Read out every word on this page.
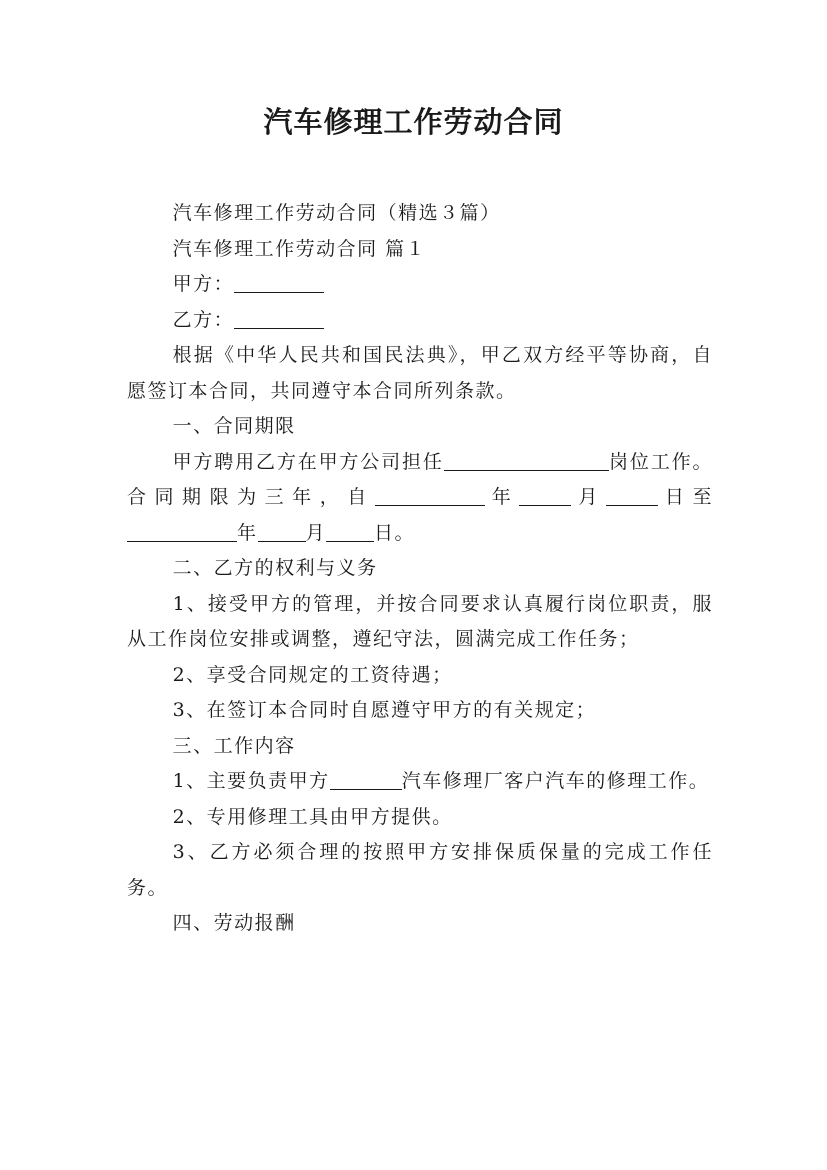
汽车修理工作劳动合同

汽车修理工作劳动合同（精选３篇）

汽车修理工作劳动合同 篇１

甲方：

乙方：

根据《中华人民共和国民法典》，甲乙双方经平等协商，自愿签订本合同，共同遵守本合同所列条款。

一、合同期限

甲方聘用乙方在甲方公司担任	岗位工作。合同期限为三年，自	年	月	日至年	月	日。

二、乙方的权利与义务

1、接受甲方的管理，并按合同要求认真履行岗位职责，服从工作岗位安排或调整，遵纪守法，圆满完成工作任务；

2、享受合同规定的工资待遇；

3、在签订本合同时自愿遵守甲方的有关规定；

三、工作内容

1、主要负责甲方	汽车修理厂客户汽车的修理工作。

2、专用修理工具由甲方提供。

3、乙方必须合理的按照甲方安排保质保量的完成工作任务。

四、劳动报酬
